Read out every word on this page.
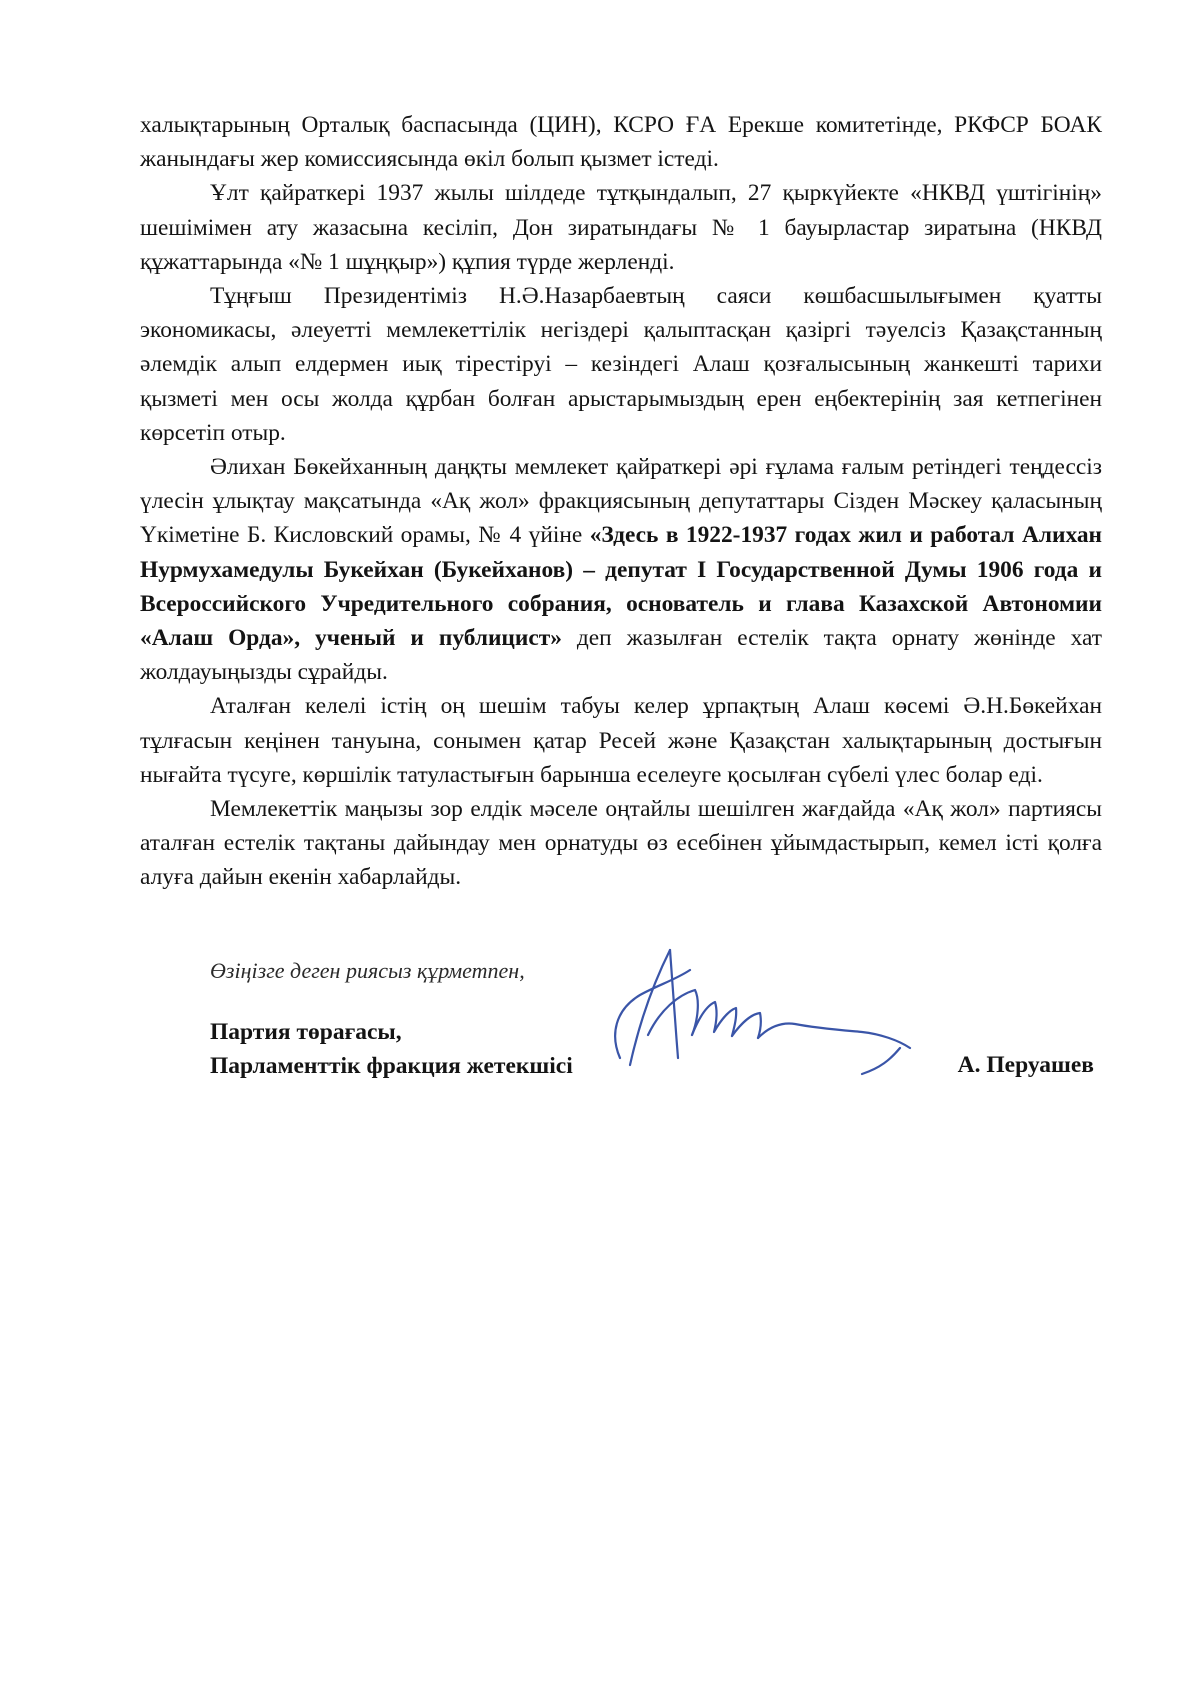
халықтарының Орталық баспасында (ЦИН), КСРО ҒА Ерекше комитетінде, РКФСР БОАК жанындағы жер комиссиясында өкіл болып қызмет істеді.

Ұлт қайраткері 1937 жылы шілдеде тұтқындалып, 27 қыркүйекте «НКВД үштігінің» шешімімен ату жазасына кесіліп, Дон зиратындағы № 1 бауырластар зиратына (НКВД құжаттарында «№ 1 шұңқыр») құпия түрде жерленді.

Тұңғыш Президентіміз Н.Ә.Назарбаевтың саяси көшбасшылығымен қуатты экономикасы, әлеуетті мемлекеттілік негіздері қалыптасқан қазіргі тәуелсіз Қазақстанның әлемдік алып елдермен иық тірестіруі – кезіндегі Алаш қозғалысының жанкешті тарихи қызметі мен осы жолда құрбан болған арыстарымыздың ерен еңбектерінің зая кетпегінен көрсетіп отыр.

Әлихан Бөкейханның даңқты мемлекет қайраткері әрі ғұлама ғалым ретіндегі теңдессіз үлесін ұлықтау мақсатында «Ақ жол» фракциясының депутаттары Сізден Мәскеу қаласының Үкіметіне Б. Кисловский орамы, № 4 үйіне «Здесь в 1922-1937 годах жил и работал Алихан Нурмухамедулы Букейхан (Букейханов) – депутат I Государственной Думы 1906 года и Всероссийского Учредительного собрания, основатель и глава Казахской Автономии «Алаш Орда», ученый и публицист» деп жазылған естелік тақта орнату жөнінде хат жолдауыңызды сұрайды.

Аталған келелі істің оң шешім табуы келер ұрпақтың Алаш көсемі Ә.Н.Бөкейхан тұлғасын кеңінен тануына, сонымен қатар Ресей және Қазақстан халықтарының достығын нығайта түсуге, көршілік татуластығын барынша еселеуге қосылған сүбелі үлес болар еді.

Мемлекеттік маңызы зор елдік мәселе оңтайлы шешілген жағдайда «Ақ жол» партиясы аталған естелік тақтаны дайындау мен орнатуды өз есебінен ұйымдастырып, кемел істі қолға алуға дайын екенін хабарлайды.

Өзіңізге деген риясыз құрметпен,
Партия төрағасы,
Парламенттік фракция жетекшісі	А. Перуашев
